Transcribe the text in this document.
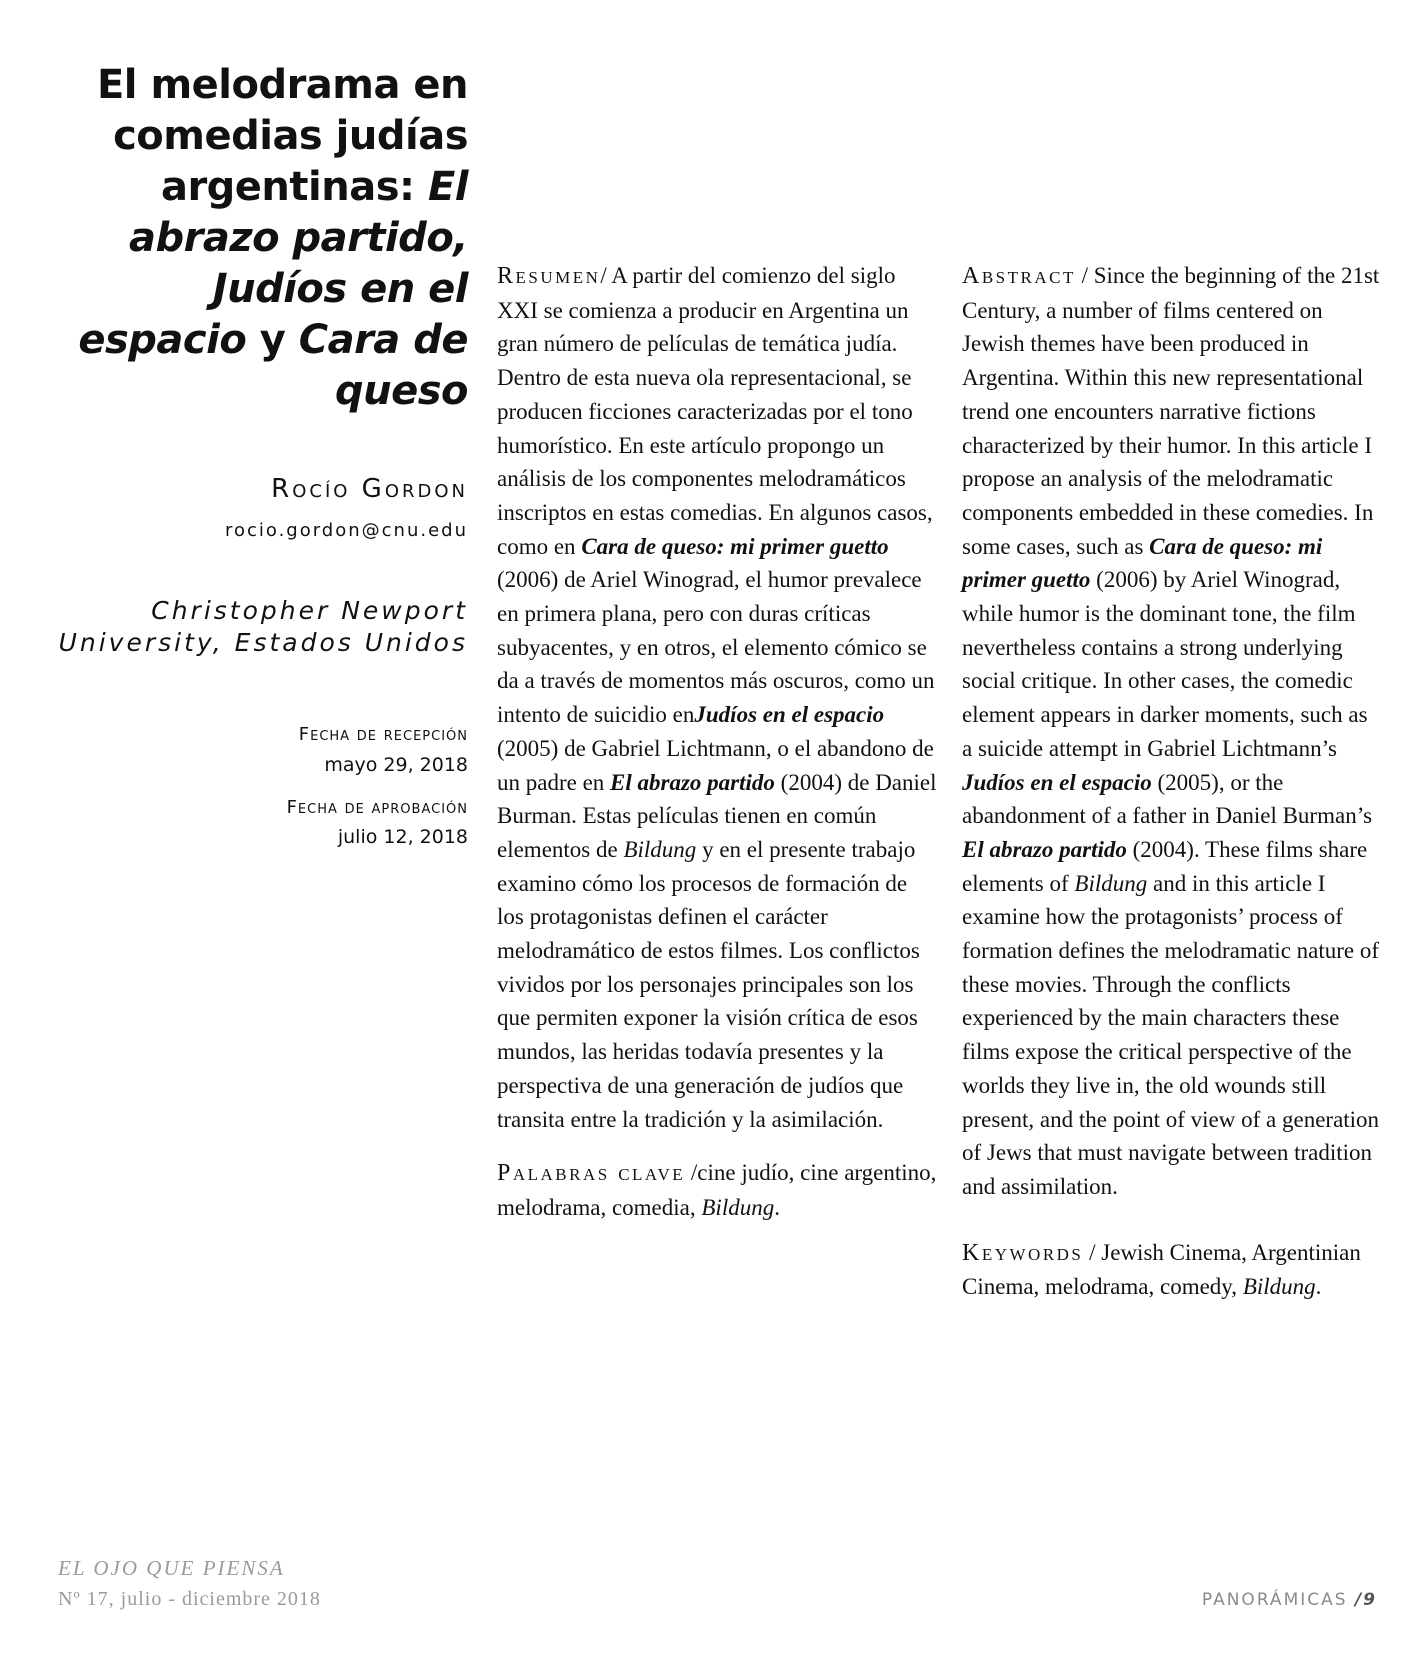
El melodrama en comedias judías argentinas: El abrazo partido, Judíos en el espacio y Cara de queso
Rocío Gordon
rocio.gordon@cnu.edu
Christopher Newport
University, Estados Unidos
Fecha de recepción
mayo 29, 2018
Fecha de aprobación
julio 12, 2018

Resumen/ A partir del comienzo del siglo XXI se comienza a producir en Argentina un gran número de películas de temática judía. Dentro de esta nueva ola representacional, se producen ficciones caracterizadas por el tono humorístico. En este artículo propongo un análisis de los componentes melodramáticos inscriptos en estas comedias. En algunos casos, como en Cara de queso: mi primer guetto (2006) de Ariel Winograd, el humor prevalece en primera plana, pero con duras críticas subyacentes, y en otros, el elemento cómico se da a través de momentos más oscuros, como un intento de suicidio enJudíos en el espacio (2005) de Gabriel Lichtmann, o el abandono de un padre en El abrazo partido (2004) de Daniel Burman. Estas películas tienen en común elementos de Bildung y en el presente trabajo examino cómo los procesos de formación de los protagonistas definen el carácter melodramático de estos filmes. Los conflictos vividos por los personajes principales son los que permiten exponer la visión crítica de esos mundos, las heridas todavía presentes y la perspectiva de una generación de judíos que transita entre la tradición y la asimilación.

Palabras clave /cine judío, cine argentino, melodrama, comedia, Bildung.

Abstract / Since the beginning of the 21st Century, a number of films centered on Jewish themes have been produced in Argentina. Within this new representational trend one encounters narrative fictions characterized by their humor. In this article I propose an analysis of the melodramatic components embedded in these comedies. In some cases, such as Cara de queso: mi primer guetto (2006) by Ariel Winograd, while humor is the dominant tone, the film nevertheless contains a strong underlying social critique. In other cases, the comedic element appears in darker moments, such as a suicide attempt in Gabriel Lichtmann’s Judíos en el espacio (2005), or the abandonment of a father in Daniel Burman’s El abrazo partido (2004). These films share elements of Bildung and in this article I examine how the protagonists’ process of formation defines the melodramatic nature of these movies. Through the conflicts experienced by the main characters these films expose the critical perspective of the worlds they live in, the old wounds still present, and the point of view of a generation of Jews that must navigate between tradition and assimilation.

Keywords / Jewish Cinema, Argentinian Cinema, melodrama, comedy, Bildung.

EL OJO QUE PIENSA
Nº 17, julio - diciembre 2018	PANORÁMICAS /9
